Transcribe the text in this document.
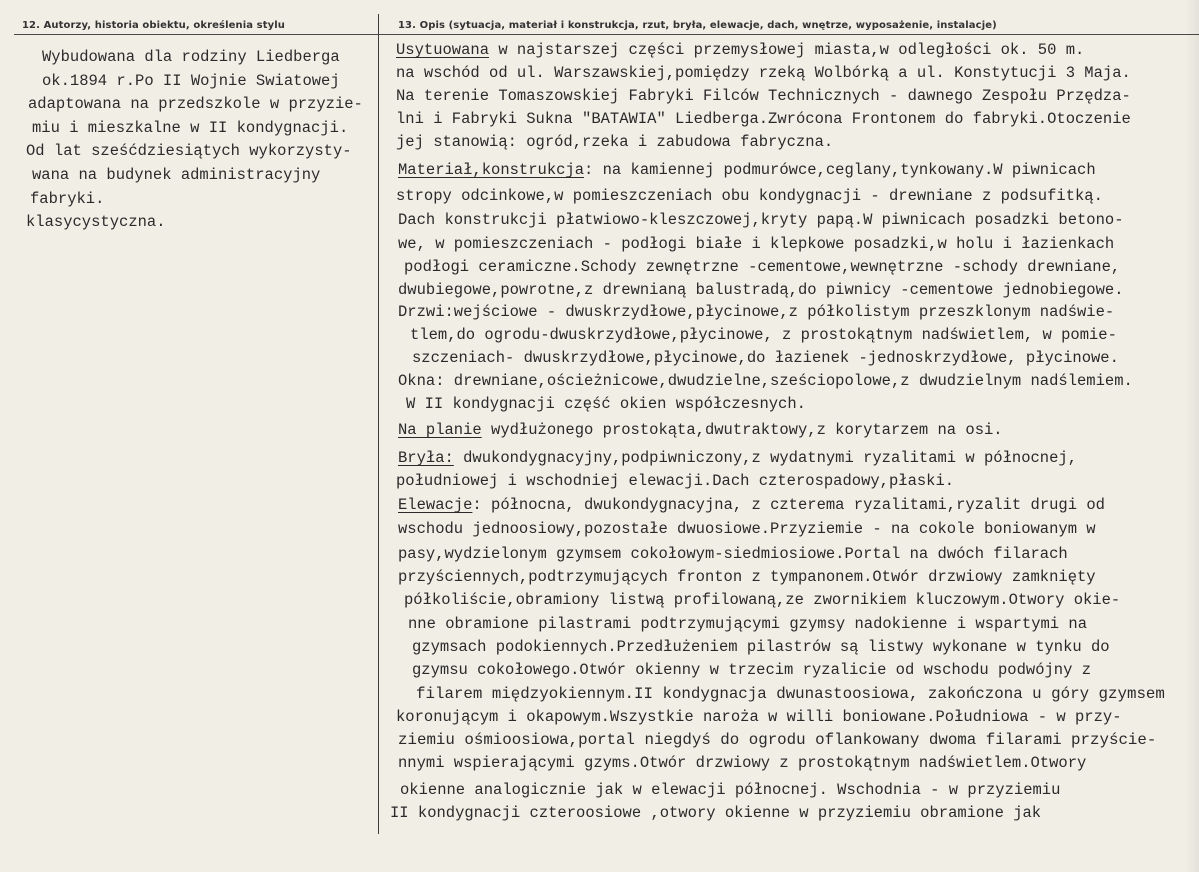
12. Autorzy, historia obiektu, określenia stylu	13. Opis (sytuacja, materiał i konstrukcja, rzut, bryła, elewacje, dach, wnętrze, wyposażenie, instalacje)
Wybudowana dla rodziny Liedberga
ok.1894 r.Po II Wojnie Swiatowej
adaptowana na przedszkole w przyzie-
miu i mieszkalne w II kondygnacji.
Od lat sześćdziesiątych wykorzysty-
wana na budynek administracyjny
fabryki.
klasycystyczna.
Usytuowana w najstarszej części przemysłowej miasta,w odległości ok. 50 m.
na wschód od ul. Warszawskiej,pomiędzy rzeką Wolbórką a ul. Konstytucji 3 Maja.
Na terenie Tomaszowskiej Fabryki Filców Technicznych - dawnego Zespołu Przędza-
lni i Fabryki Sukna "BATAWIA" Liedberga.Zwrócona Frontonem do fabryki.Otoczenie
jej stanowią: ogród,rzeka i zabudowa fabryczna.
Materiał,konstrukcja: na kamiennej podmurówce,ceglany,tynkowany.W piwnicach
stropy odcinkowe,w pomieszczeniach obu kondygnacji - drewniane z podsufitką.
Dach konstrukcji płatwiowo-kleszczowej,kryty papą.W piwnicach posadzki betono-
we, w pomieszczeniach - podłogi białe i klepkowe posadzki,w holu i łazienkach
podłogi ceramiczne.Schody zewnętrzne -cementowe,wewnętrzne -schody drewniane,
dwubiegowe,powrotne,z drewnianą balustradą,do piwnicy -cementowe jednobiegowe.
Drzwi:wejściowe - dwuskrzydłowe,płycinowe,z półkolistym przeszklonym nadświe-
tlem,do ogrodu-dwuskrzydłowe,płycinowe, z prostokątnym nadświetlem, w pomie-
szczeniach- dwuskrzydłowe,płycinowe,do łazienek -jednoskrzydłowe, płycinowe.
Okna: drewniane,ościeżnicowe,dwudzielne,sześciopolowe,z dwudzielnym nadślemiem.
W II kondygnacji część okien współczesnych.
Na planie wydłużonego prostokąta,dwutraktowy,z korytarzem na osi.
Bryła: dwukondygnacyjny,podpiwniczony,z wydatnymi ryzalitami w północnej,
południowej i wschodniej elewacji.Dach czterospadowy,płaski.
Elewacje: północna, dwukondygnacyjna, z czterema ryzalitami,ryzalit drugi od
wschodu jednoosiowy,pozostałe dwuosiowe.Przyziemie - na cokole boniowanym w
pasy,wydzielonym gzymsem cokołowym-siedmiosiowe.Portal na dwóch filarach
przyściennych,podtrzymujących fronton z tympanonem.Otwór drzwiowy zamknięty
półkoliście,obramiony listwą profilowaną,ze zwornikiem kluczowym.Otwory okie-
nne obramione pilastrami podtrzymującymi gzymsy nadokienne i wspartymi na
gzymsach podokiennych.Przedłużeniem pilastrów są listwy wykonane w tynku do
gzymsu cokołowego.Otwór okienny w trzecim ryzalicie od wschodu podwójny z
filarem międzyokiennym.II kondygnacja dwunastoosiowa, zakończona u góry gzymsem
koronującym i okapowym.Wszystkie naroża w willi boniowane.Południowa - w przy-
ziemiu ośmioosiowa,portal niegdyś do ogrodu oflankowany dwoma filarami przyście-
nnymi wspierającymi gzyms.Otwór drzwiowy z prostokątnym nadświetlem.Otwory
okienne analogicznie jak w elewacji północnej. Wschodnia - w przyziemiu
II kondygnacji czteroosiowe ,otwory okienne w przyziemiu obramione jak
